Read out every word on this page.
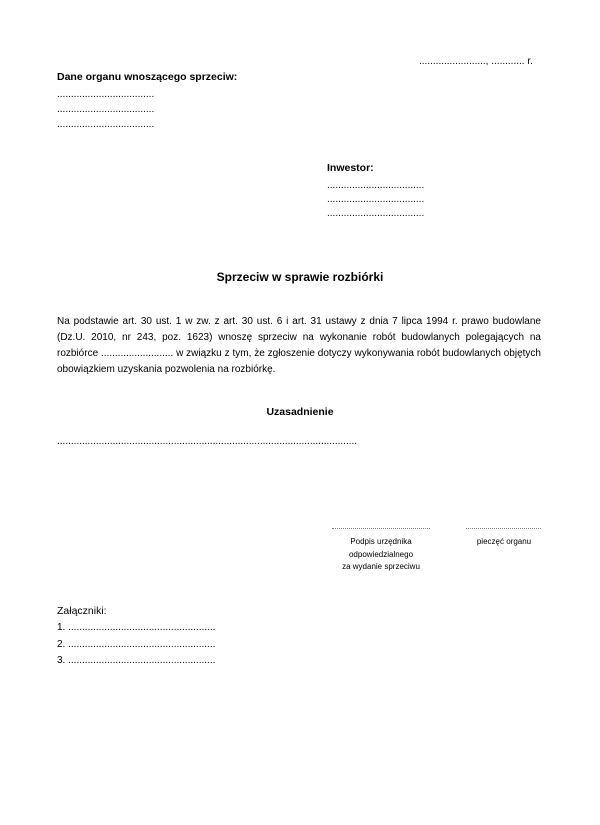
........................, ............ r.
Dane organu wnoszącego sprzeciw:
...................................
...................................
...................................
Inwestor:
...................................
...................................
...................................
Sprzeciw w sprawie rozbiórki
Na podstawie art. 30 ust. 1 w zw. z art. 30 ust. 6 i art. 31 ustawy z dnia 7 lipca 1994 r. prawo budowlane (Dz.U. 2010, nr 243, poz. 1623) wnoszę sprzeciw na wykonanie robót budowlanych polegających na rozbiórce .......................... w związku z tym, że zgłoszenie dotyczy wykonywania robót budowlanych objętych obowiązkiem uzyskania pozwolenia na rozbiórkę.
Uzasadnienie
............................................................................................................
Podpis urzędnika
odpowiedzialnego
za wydanie sprzeciwu
pieczęć organu
Załączniki:
1. .....................................................
2. .....................................................
3. .....................................................
